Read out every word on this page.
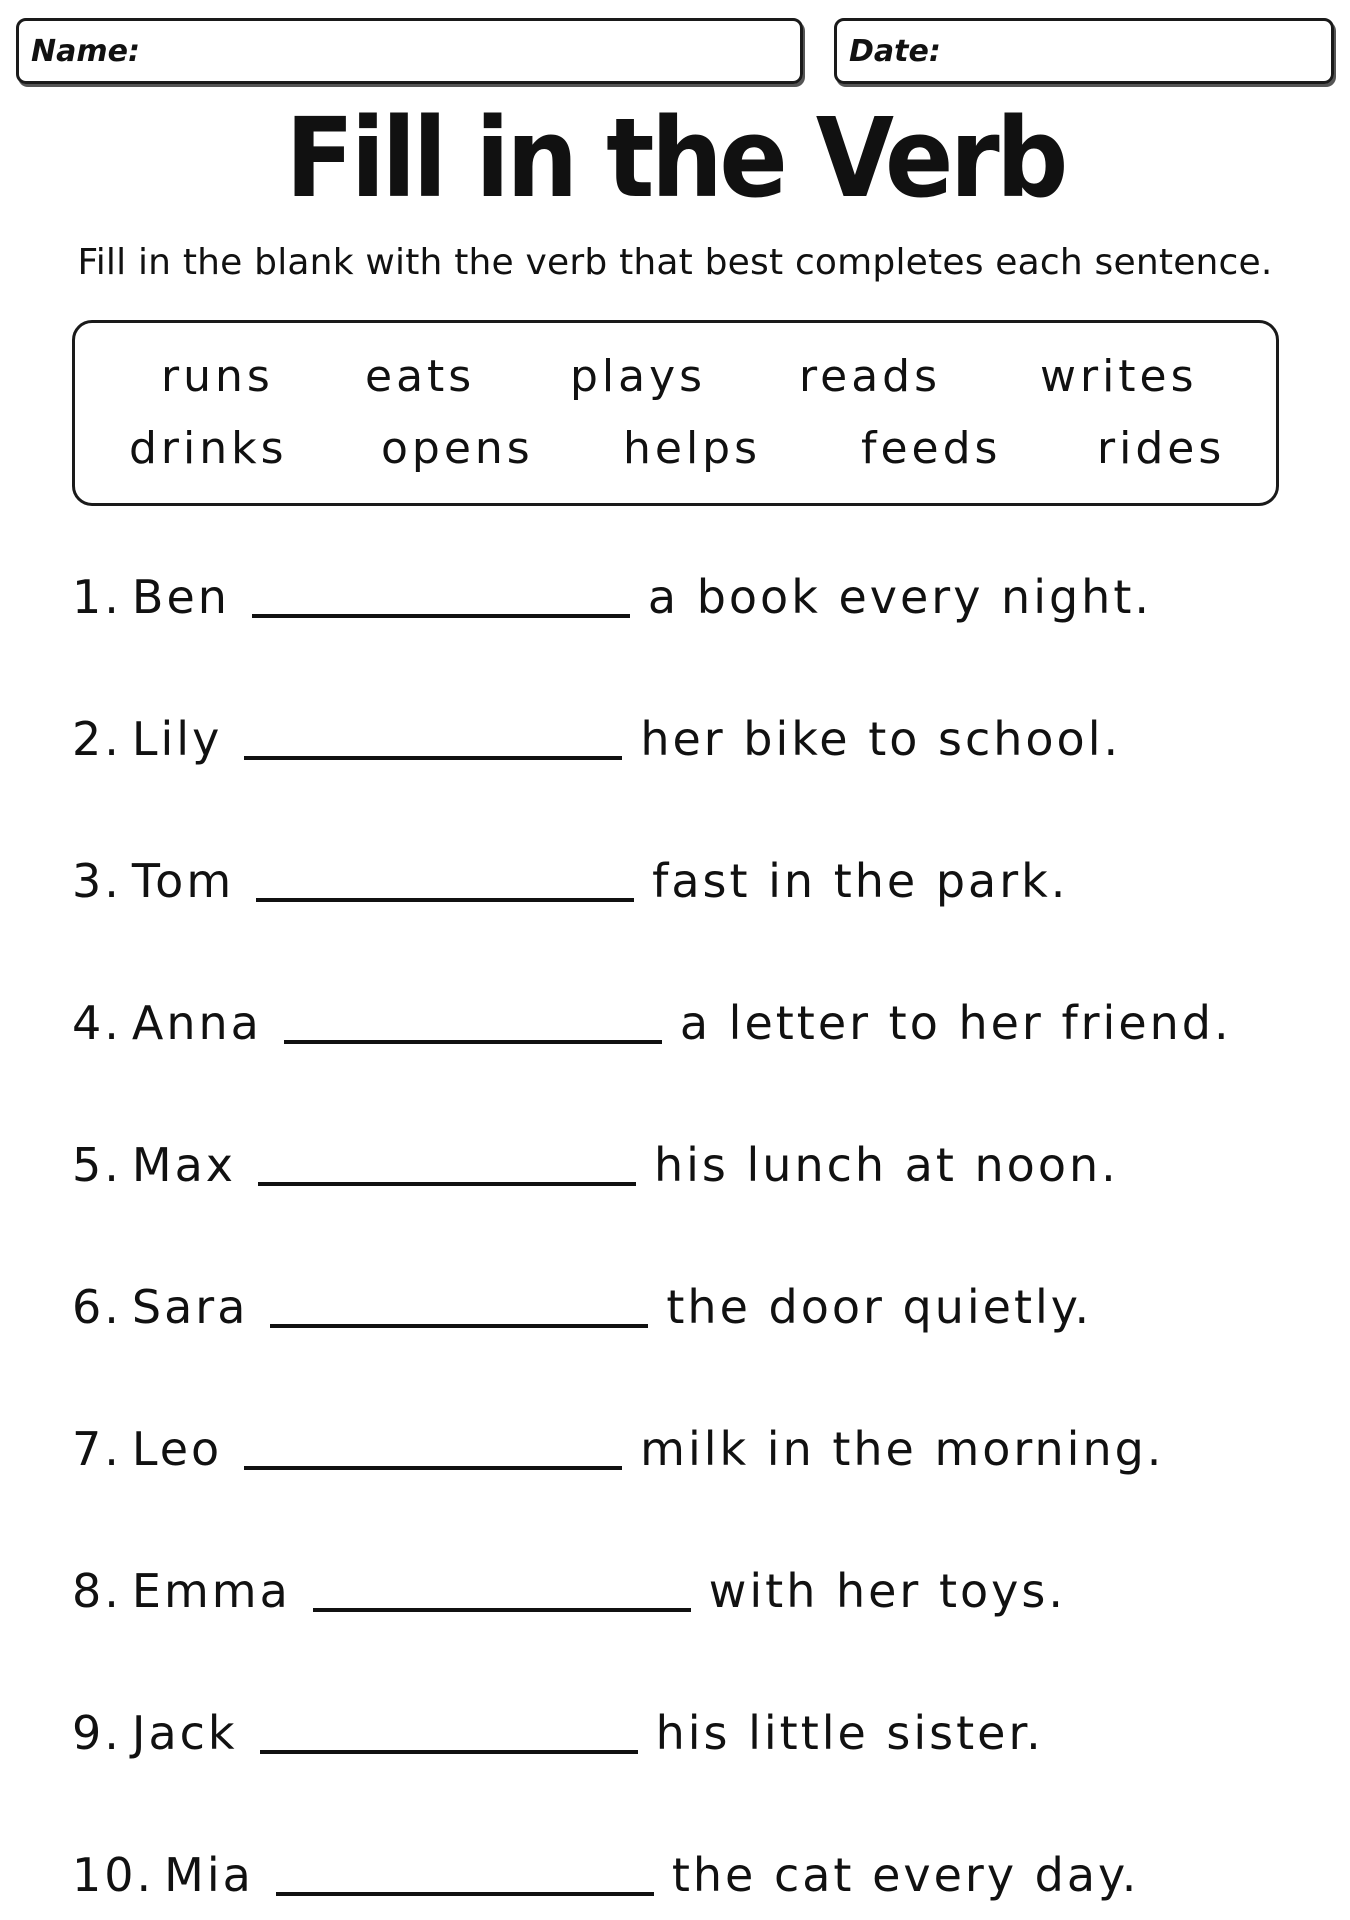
Name:	Date:
Fill in the Verb
Fill in the blank with the verb that best completes each sentence.
runs eats plays reads writes
drinks opens helps feeds rides
1. Ben	a book every night.
2. Lily	her bike to school.
3. Tom	fast in the park.
4. Anna	a letter to her friend.
5. Max	his lunch at noon.
6. Sara	the door quietly.
7. Leo	milk in the morning.
8. Emma	with her toys.
9. Jack	his little sister.
10. Mia	the cat every day.
